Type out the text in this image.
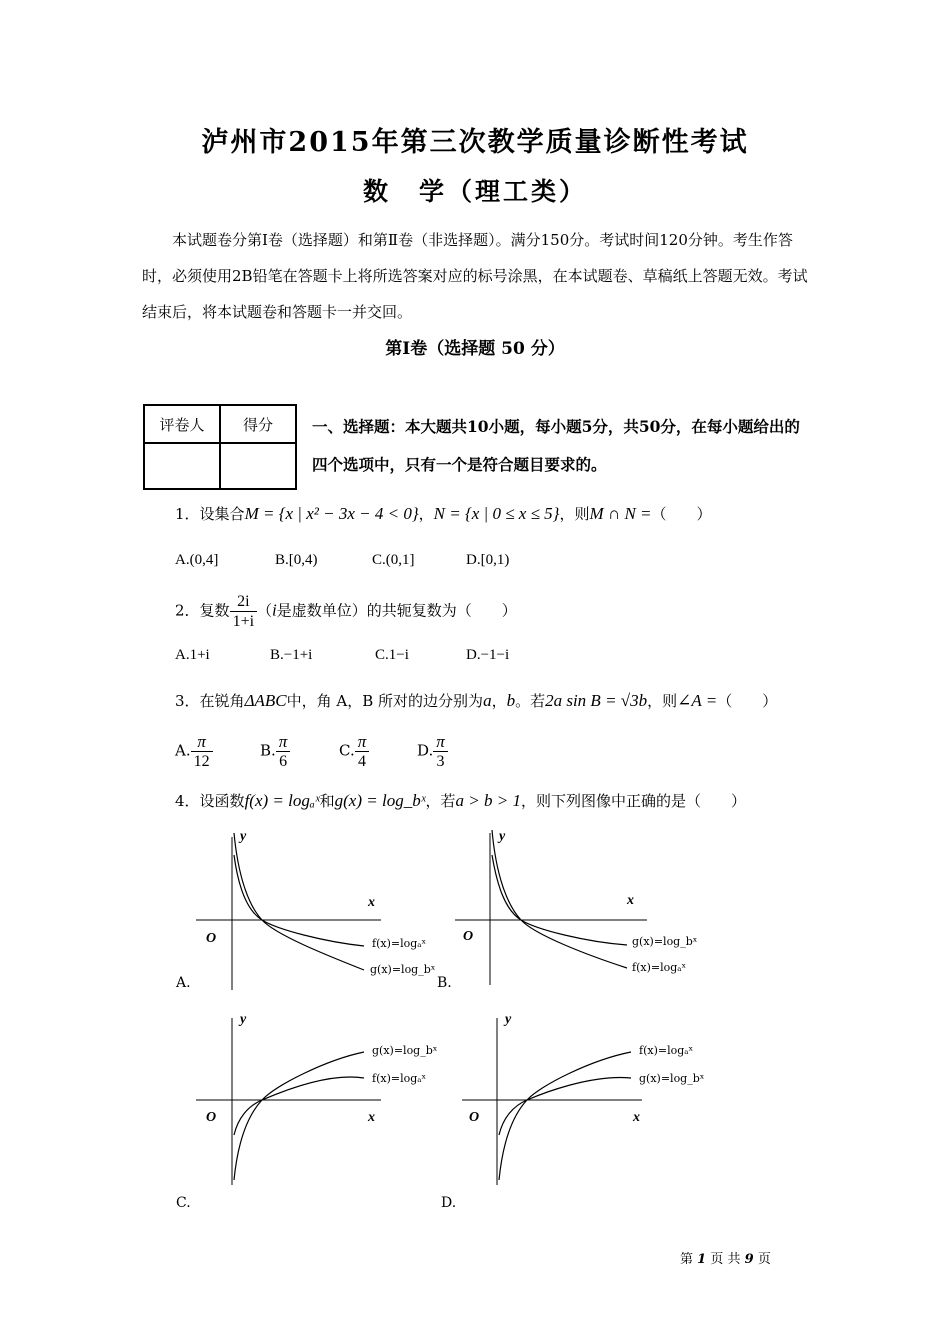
泸州市2015年第三次教学质量诊断性考试
数　学（理工类）
本试题卷分第Ⅰ卷（选择题）和第Ⅱ卷（非选择题）。满分150分。考试时间120分钟。考生作答时，必须使用2B铅笔在答题卡上将所选答案对应的标号涂黑，在本试题卷、草稿纸上答题无效。考试结束后，将本试题卷和答题卡一并交回。
第Ⅰ卷（选择题 50 分）
评卷人	得分
		一、选择题：本大题共10小题，每小题5分，共50分，在每小题给出的四个选项中，只有一个是符合题目要求的。
1．设集合M = {x | x² − 3x − 4 < 0}，N = {x | 0 ≤ x ≤ 5}，则M ∩ N =（　　）
A.(0,4]	B.[0,4)	C.(0,1]	D.[0,1)
2．复数 $\frac{2i}{1+i} (i$是虚数单位）的共轭复数为（　　）
A.1+i	B.−1+i	C.1−i	D.−1−i
3．在锐角ΔABC中，角 A，B 所对的边分别为a，b。若2a sin B = √3b，则∠A =（　　）
A. $\frac{\pi}{12}$	B. $\frac{\pi}{6}$	C. $\frac{\pi}{4}$	D. $\frac{\pi}{3}$
4．设函数f(x) = logₐˣ和g(x) = log_bˣ，若a > b > 1，则下列图像中正确的是（　　）
y
x
O	f(x)=logₐˣ
g(x)=log_bˣ
A.
y
x
O	g(x)=log_bˣ
f(x)=logₐˣ
B.
y
x
O
g(x)=log_bˣ
f(x)=logₐˣ
C.
y
x
O
f(x)=logₐˣ
g(x)=log_bˣ
D.
第 1 页 共 9 页
